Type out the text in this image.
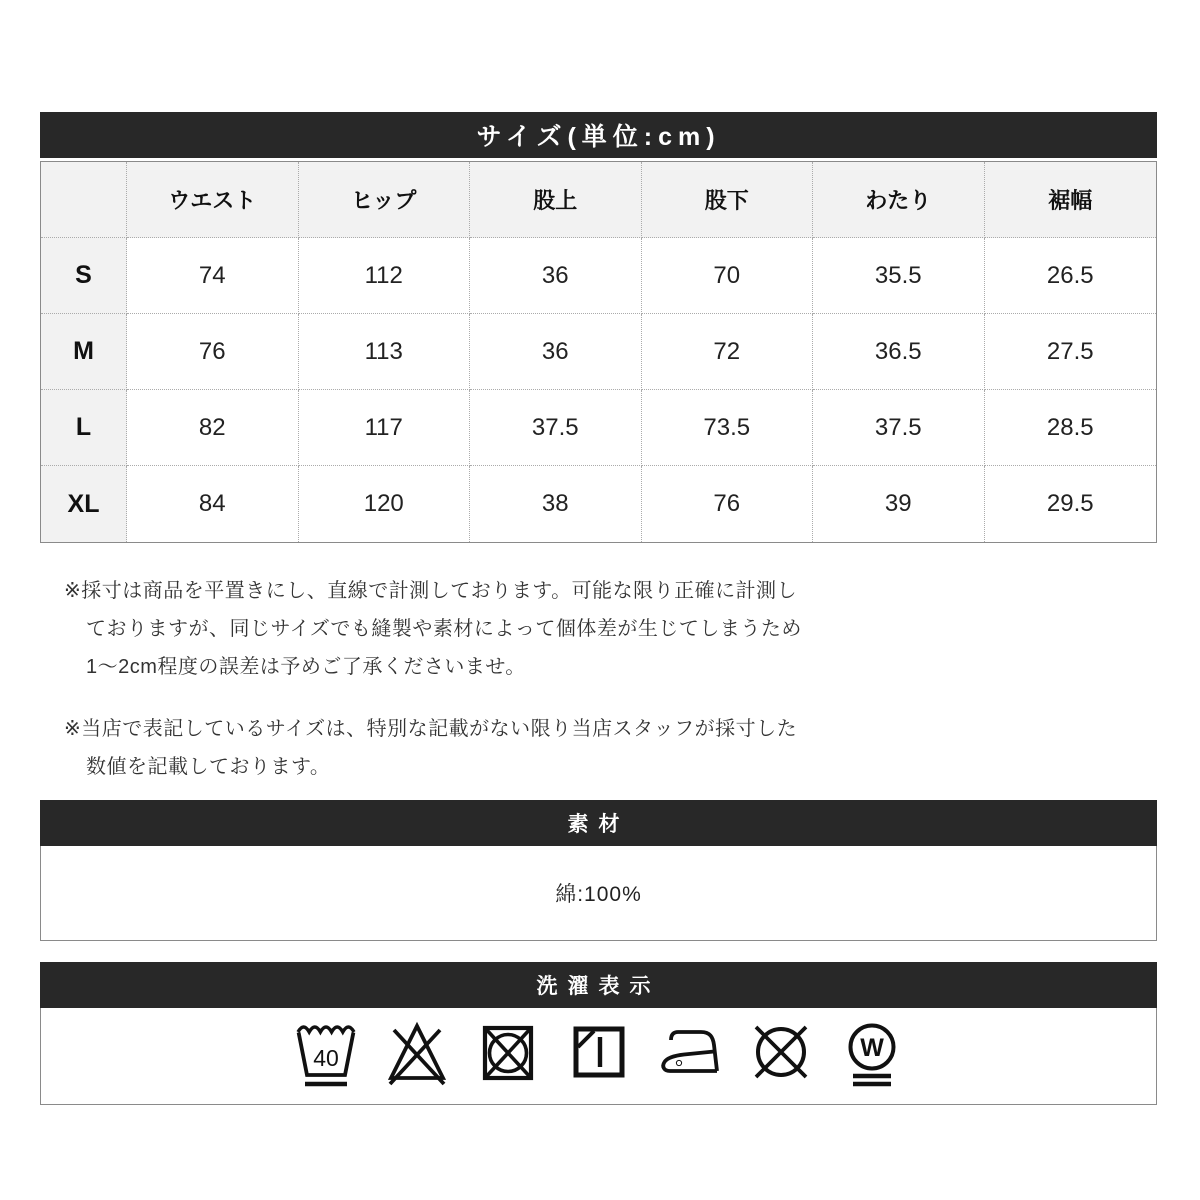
サイズ(単位:cm)
ウエスト	ヒップ	股上	股下	わたり	裾幅
S	74	112	36	70	35.5	26.5
M	76	113	36	72	36.5	27.5
L	82	117	37.5	73.5	37.5	28.5
XL	84	120	38	76	39	29.5
※採寸は商品を平置きにし、直線で計測しております。可能な限り正確に計測し
ておりますが、同じサイズでも縫製や素材によって個体差が生じてしまうため
1〜2cm程度の誤差は予めご了承くださいませ。
※当店で表記しているサイズは、特別な記載がない限り当店スタッフが採寸した
数値を記載しております。
素材
綿:100%
洗濯表示
40	W
